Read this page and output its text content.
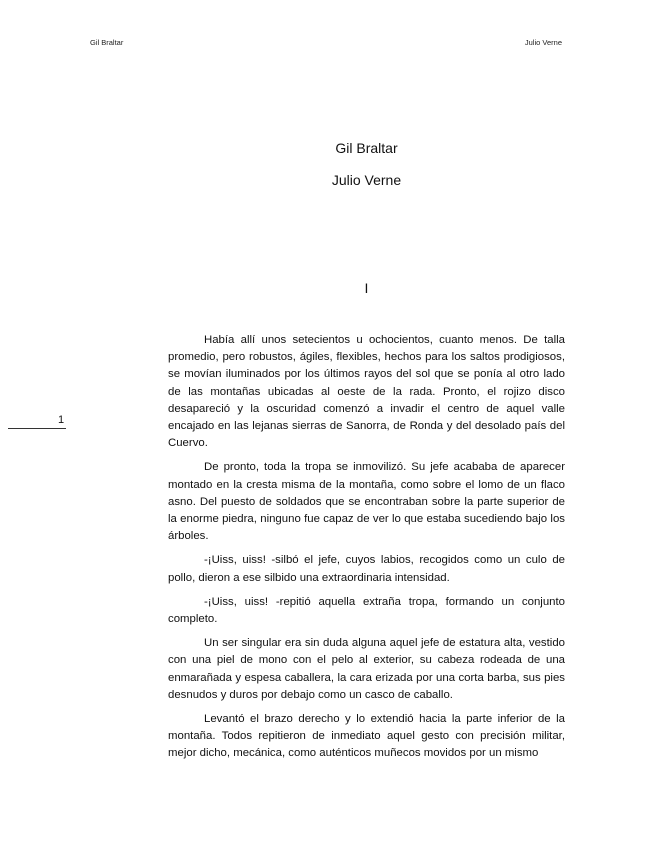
Gil Braltar	Julio Verne
Gil Braltar
Julio Verne
I
1

Había allí unos setecientos u ochocientos, cuanto menos. De talla promedio, pero robustos, ágiles, flexibles, hechos para los saltos prodigiosos, se movían iluminados por los últimos rayos del sol que se ponía al otro lado de las montañas ubicadas al oeste de la rada. Pronto, el rojizo disco desapareció y la oscuridad comenzó a invadir el centro de aquel valle encajado en las lejanas sierras de Sanorra, de Ronda y del desolado país del Cuervo.

De pronto, toda la tropa se inmovilizó. Su jefe acababa de aparecer montado en la cresta misma de la montaña, como sobre el lomo de un flaco asno. Del puesto de soldados que se encontraban sobre la parte superior de la enorme piedra, ninguno fue capaz de ver lo que estaba sucediendo bajo los árboles.

-¡Uiss, uiss! -silbó el jefe, cuyos labios, recogidos como un culo de pollo, dieron a ese silbido una extraordinaria intensidad.

-¡Uiss, uiss! -repitió aquella extraña tropa, formando un conjunto completo.

Un ser singular era sin duda alguna aquel jefe de estatura alta, vestido con una piel de mono con el pelo al exterior, su cabeza rodeada de una enmarañada y espesa caballera, la cara erizada por una corta barba, sus pies desnudos y duros por debajo como un casco de caballo.

Levantó el brazo derecho y lo extendió hacia la parte inferior de la montaña. Todos repitieron de inmediato aquel gesto con precisión militar, mejor dicho, mecánica, como auténticos muñecos movidos por un mismo
